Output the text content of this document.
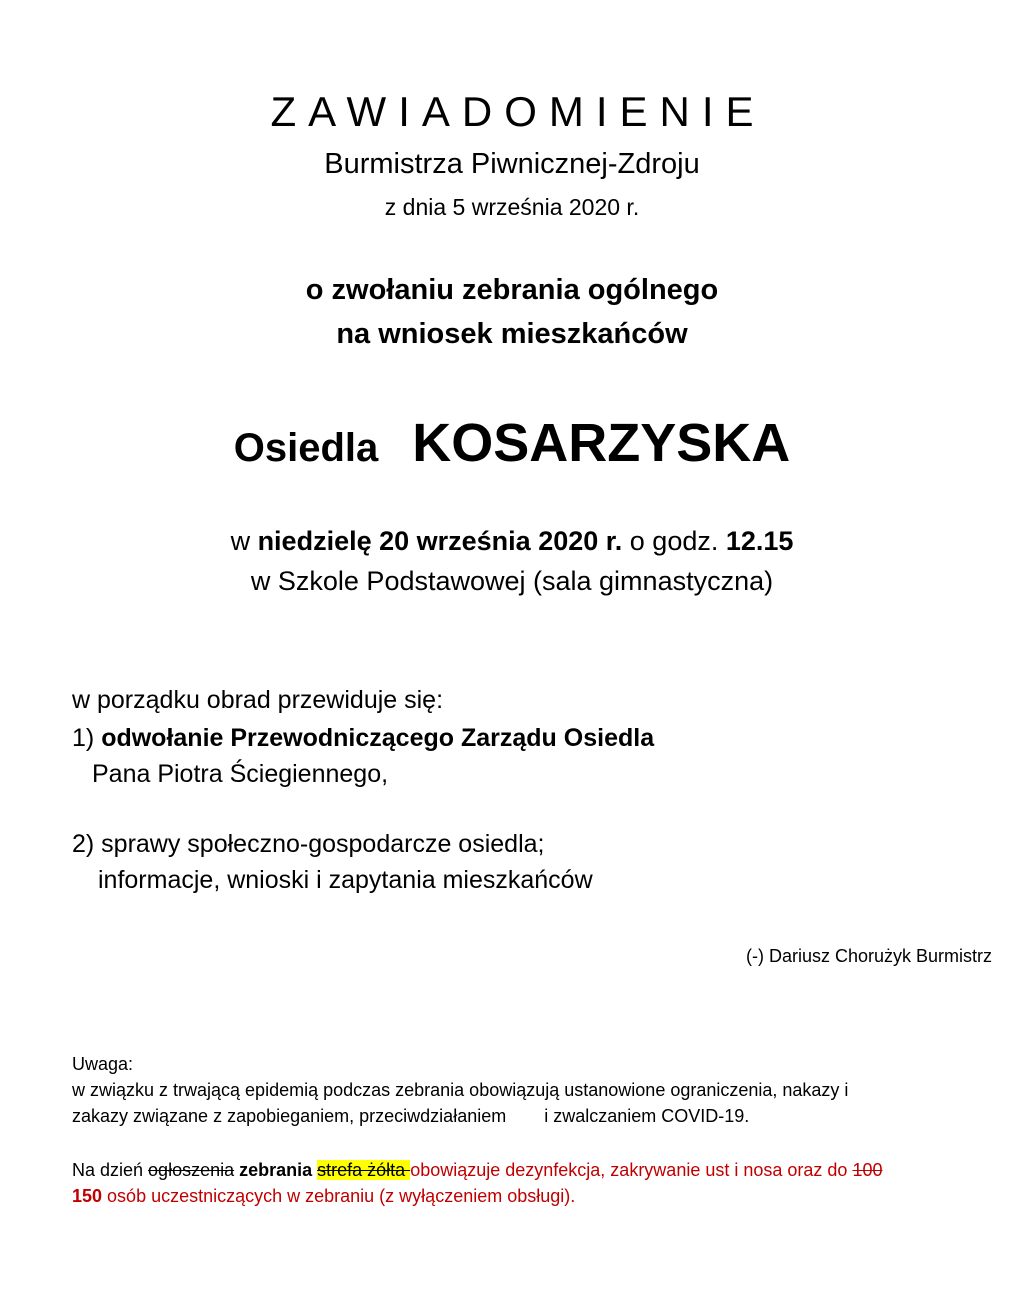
ZAWIADOMIENIE
Burmistrza Piwnicznej-Zdroju
z dnia 5 września 2020 r.
o zwołaniu zebrania ogólnego
na wniosek mieszkańców
Osiedla KOSARZYSKA
w niedzielę 20 września 2020 r. o godz. 12.15
w Szkole Podstawowej (sala gimnastyczna)
w porządku obrad przewiduje się:
1) odwołanie Przewodniczącego Zarządu Osiedla
Pana Piotra Ściegiennego,
2) sprawy społeczno-gospodarcze osiedla;
informacje, wnioski i zapytania mieszkańców
(-) Dariusz Chorużyk Burmistrz
Uwaga:
w związku z trwającą epidemią podczas zebrania obowiązują ustanowione ograniczenia, nakazy i
zakazy związane z zapobieganiem, przeciwdziałaniem i zwalczaniem COVID-19.
Na dzień ogłoszenia zebrania strefa żółta obowiązuje dezynfekcja, zakrywanie ust i nosa oraz do 100
150 osób uczestniczących w zebraniu (z wyłączeniem obsługi).
